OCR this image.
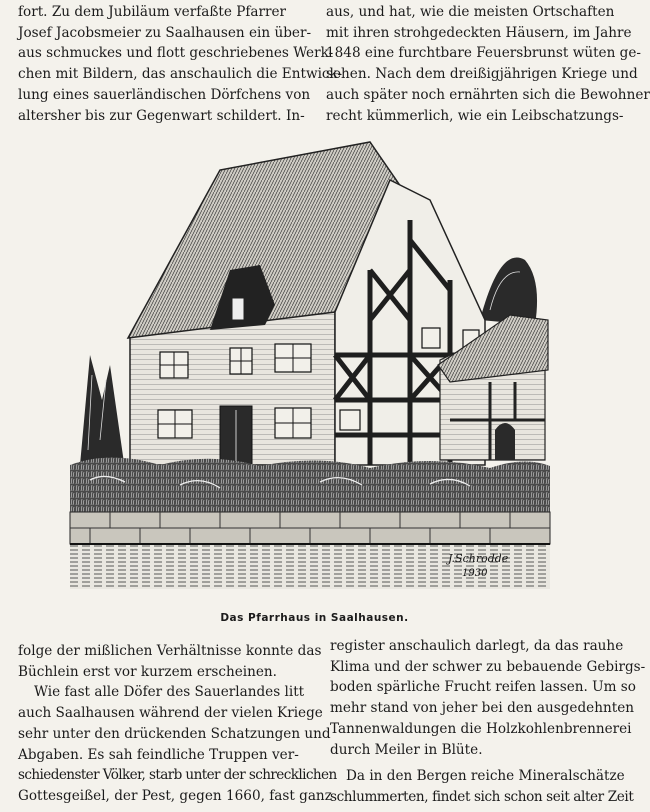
fort. Zu dem Jubiläum verfaßte Pfarrer
Josef Jacobsmeier zu Saalhausen ein über-
aus schmuckes und flott geschriebenes Werk-
chen mit Bildern, das anschaulich die Entwick-
lung eines sauerländischen Dörfchens von
altersher bis zur Gegenwart schildert. In-

aus, und hat, wie die meisten Ortschaften
mit ihren strohgedeckten Häusern, im Jahre
1848 eine furchtbare Feuersbrunst wüten ge-
sehen. Nach dem dreißigjährigen Kriege und
auch später noch ernährten sich die Bewohner
recht kümmerlich, wie ein Leibschatzungs-

J.Schrodde
1930
Das Pfarrhaus in Saalhausen.

folge der mißlichen Verhältnisse konnte das
Büchlein erst vor kurzem erscheinen.

Wie fast alle Döfer des Sauerlandes litt
auch Saalhausen während der vielen Kriege
sehr unter den drückenden Schatzungen und
Abgaben. Es sah feindliche Truppen ver-
schiedenster Völker, starb unter der schrecklichen
Gottesgeißel, der Pest, gegen 1660, fast ganz

register anschaulich darlegt, da das rauhe
Klima und der schwer zu bebauende Gebirgs-
boden spärliche Frucht reifen lassen. Um so
mehr stand von jeher bei den ausgedehnten
Tannenwaldungen die Holzkohlenbrennerei
durch Meiler in Blüte.

Da in den Bergen reiche Mineralschätze
schlummerten, findet sich schon seit alter Zeit
